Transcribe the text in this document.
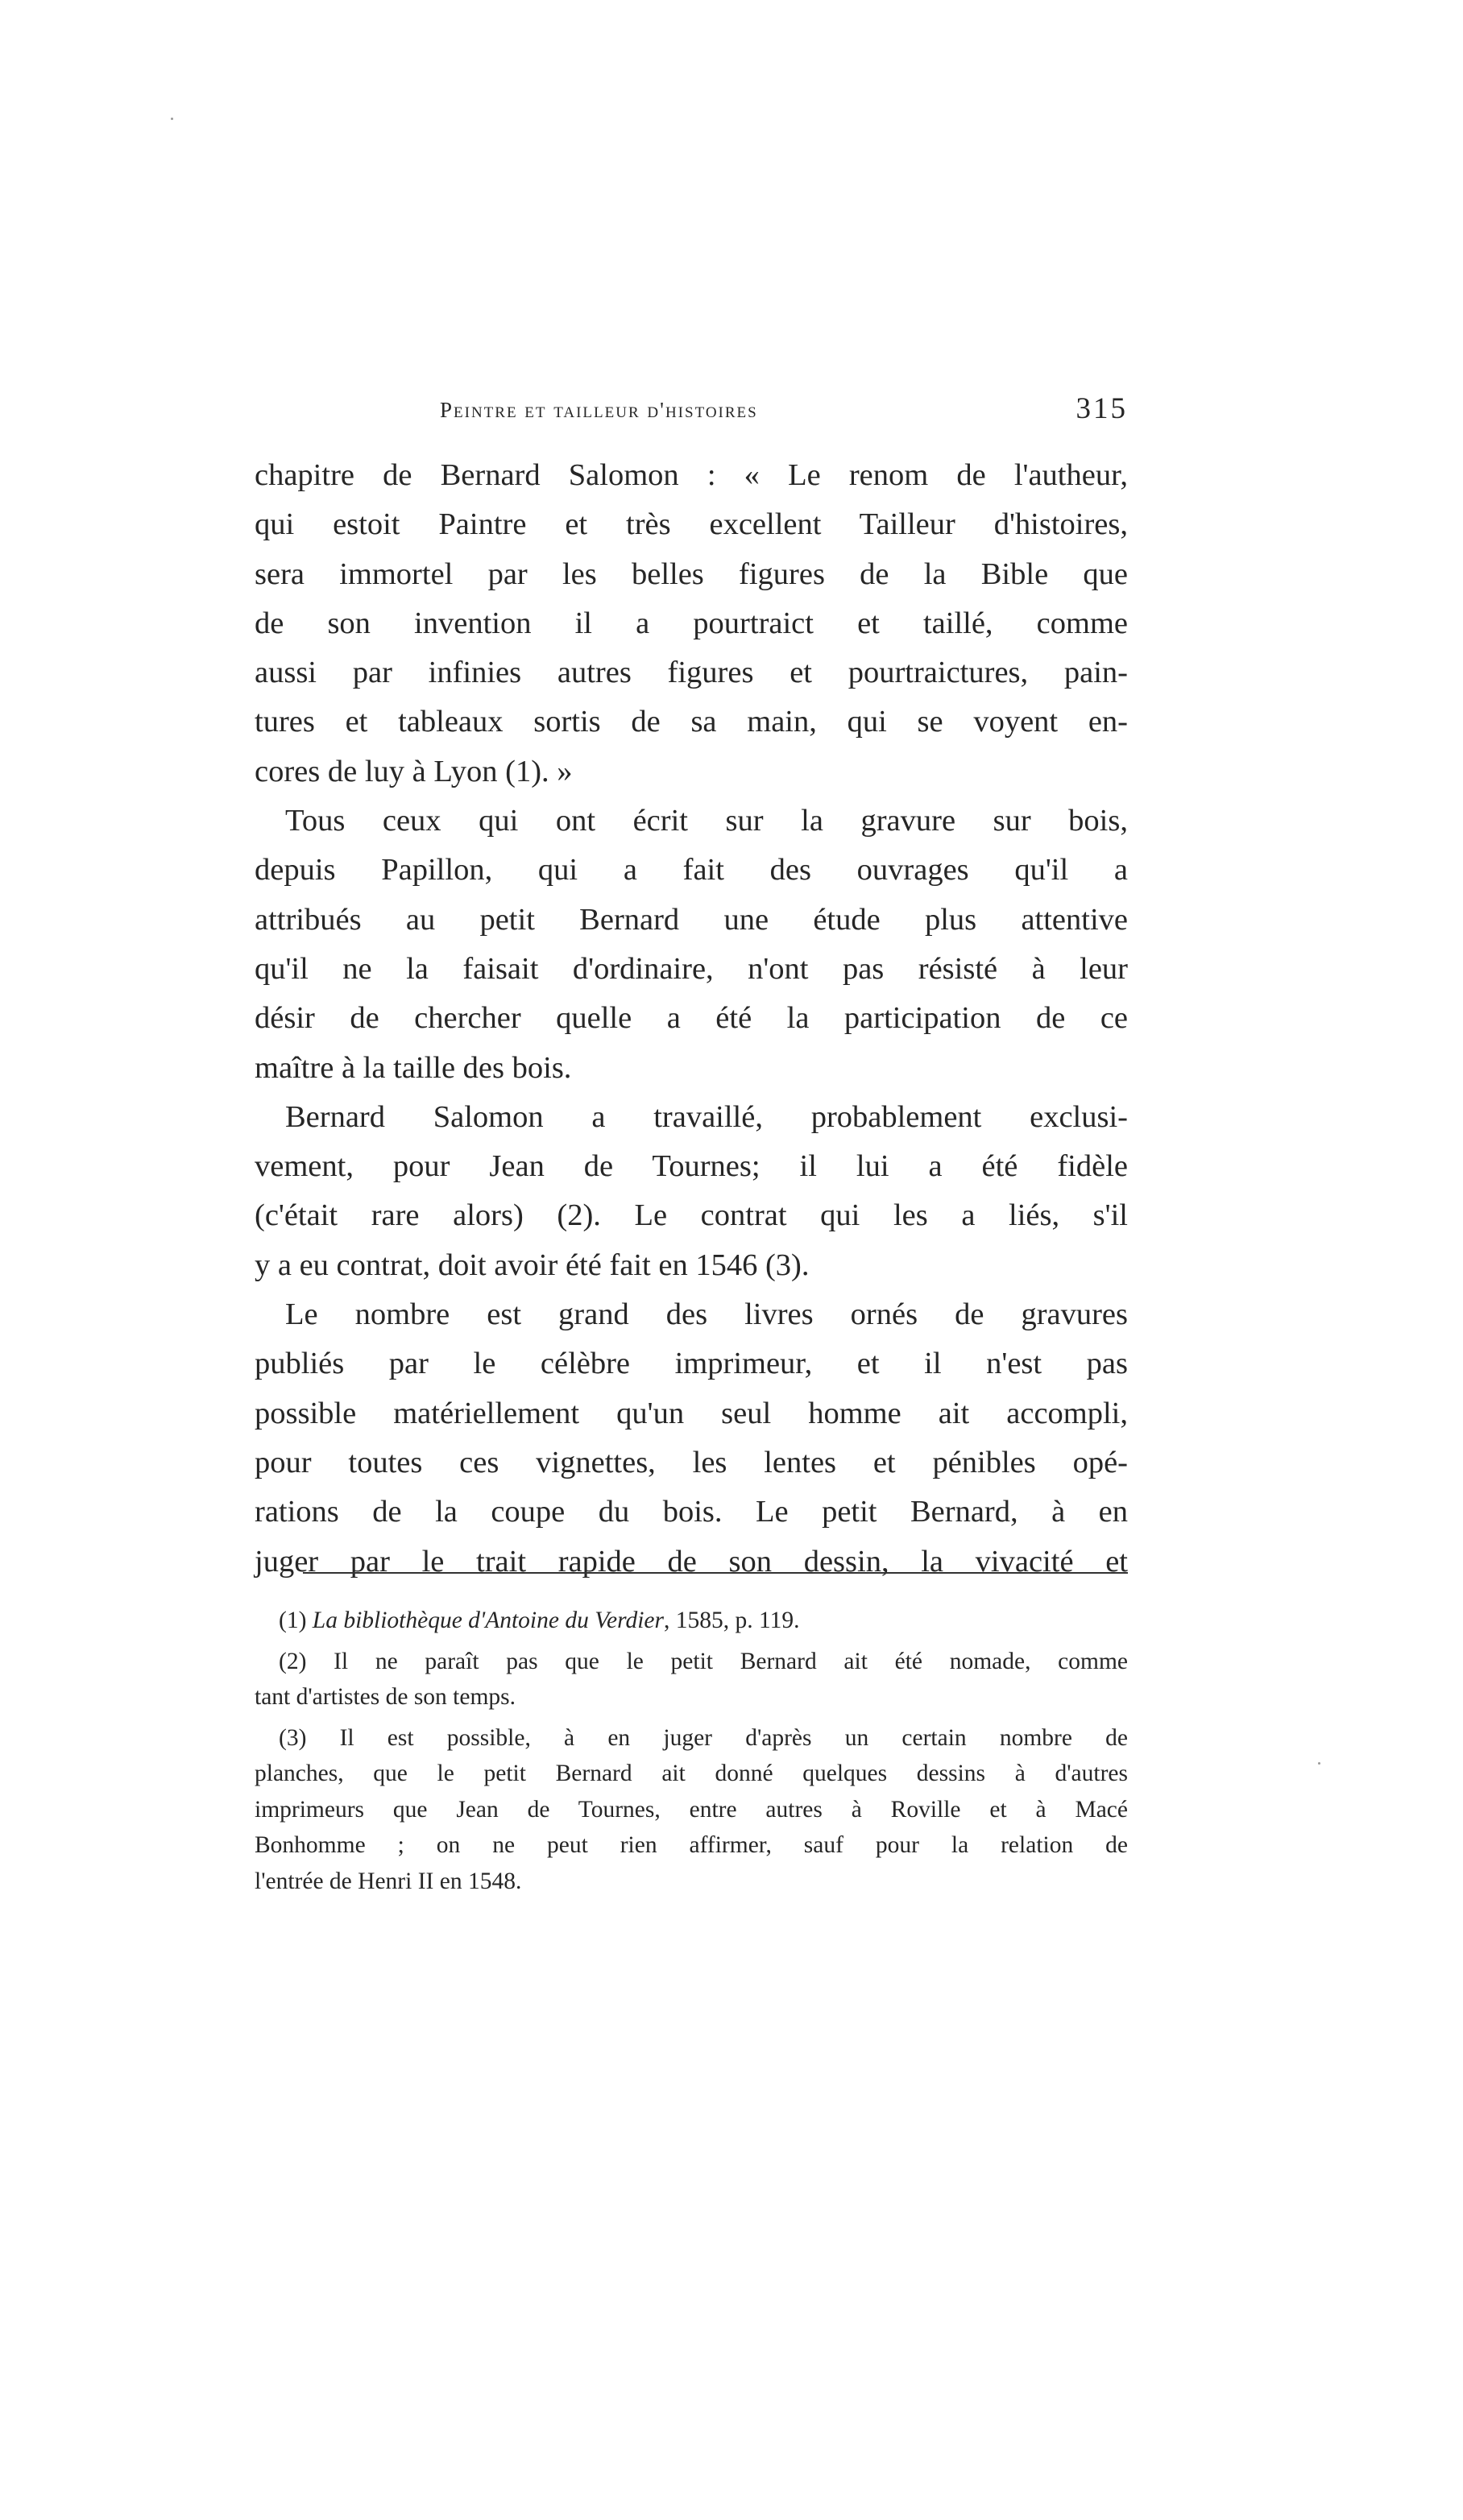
Peintre et tailleur d'histoires	315
chapitre de Bernard Salomon : « Le renom de l'autheur,
qui estoit Paintre et très excellent Tailleur d'histoires,
sera immortel par les belles figures de la Bible que
de son invention il a pourtraict et taillé, comme
aussi par infinies autres figures et pourtraictures, pain-
tures et tableaux sortis de sa main, qui se voyent en-
cores de luy à Lyon (1). »
Tous ceux qui ont écrit sur la gravure sur bois,
depuis Papillon, qui a fait des ouvrages qu'il a
attribués au petit Bernard une étude plus attentive
qu'il ne la faisait d'ordinaire, n'ont pas résisté à leur
désir de chercher quelle a été la participation de ce
maître à la taille des bois.
Bernard Salomon a travaillé, probablement exclusi-
vement, pour Jean de Tournes; il lui a été fidèle
(c'était rare alors) (2). Le contrat qui les a liés, s'il
y a eu contrat, doit avoir été fait en 1546 (3).
Le nombre est grand des livres ornés de gravures
publiés par le célèbre imprimeur, et il n'est pas
possible matériellement qu'un seul homme ait accompli,
pour toutes ces vignettes, les lentes et pénibles opé-
rations de la coupe du bois. Le petit Bernard, à en
juger par le trait rapide de son dessin, la vivacité et
(1) La bibliothèque d'Antoine du Verdier, 1585, p. 119.
(2) Il ne paraît pas que le petit Bernard ait été nomade, comme
tant d'artistes de son temps.
(3) Il est possible, à en juger d'après un certain nombre de
planches, que le petit Bernard ait donné quelques dessins à d'autres
imprimeurs que Jean de Tournes, entre autres à Roville et à Macé
Bonhomme ; on ne peut rien affirmer, sauf pour la relation de
l'entrée de Henri II en 1548.
